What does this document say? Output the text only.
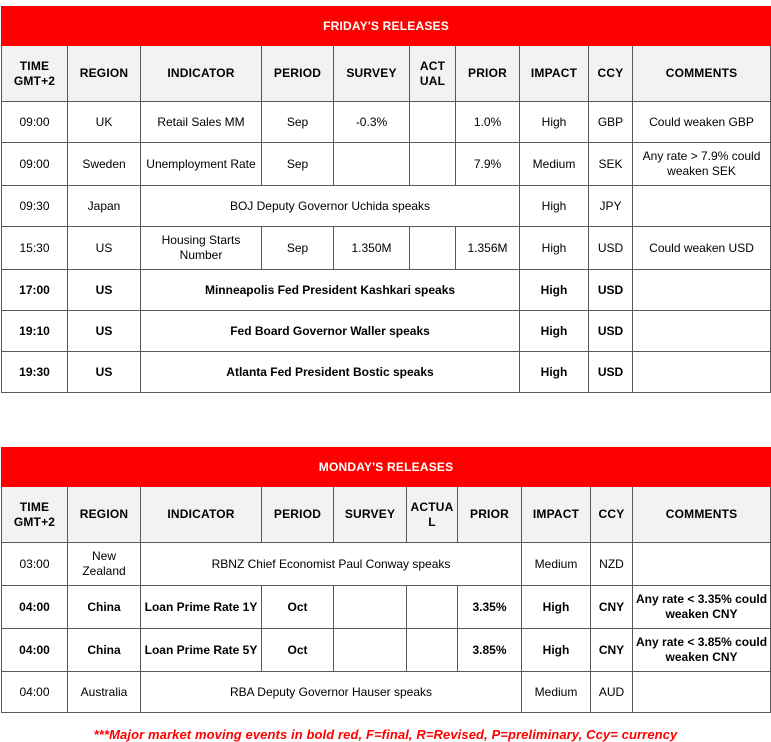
FRIDAY'S RELEASES									
TIME
GMT+2	REGION	INDICATOR	PERIOD	SURVEY	ACT
UAL	PRIOR	IMPACT	CCY	COMMENTS
09:00	UK	Retail Sales MM	Sep	-0.3%		1.0%	High	GBP	Could weaken GBP
09:00	Sweden	Unemployment Rate	Sep			7.9%	Medium	SEK	Any rate > 7.9% could weaken SEK
09:30	Japan	BOJ Deputy Governor Uchida speaks					High	JPY	
15:30	US	Housing Starts Number	Sep	1.350M		1.356M	High	USD	Could weaken USD
17:00	US	Minneapolis Fed President Kashkari speaks					High	USD	
19:10	US	Fed Board Governor Waller speaks					High	USD	
19:30	US	Atlanta Fed President Bostic speaks					High	USD	
MONDAY'S RELEASES									
TIME
GMT+2	REGION	INDICATOR	PERIOD	SURVEY	ACTUA
L	PRIOR	IMPACT	CCY	COMMENTS
03:00	New Zealand	RBNZ Chief Economist Paul Conway speaks					Medium	NZD	
04:00	China	Loan Prime Rate 1Y	Oct			3.35%	High	CNY	Any rate < 3.35% could weaken CNY
04:00	China	Loan Prime Rate 5Y	Oct			3.85%	High	CNY	Any rate < 3.85% could weaken CNY
04:00	Australia	RBA Deputy Governor Hauser speaks					Medium	AUD	
***Major market moving events in bold red, F=final, R=Revised, P=preliminary, Ccy= currency
